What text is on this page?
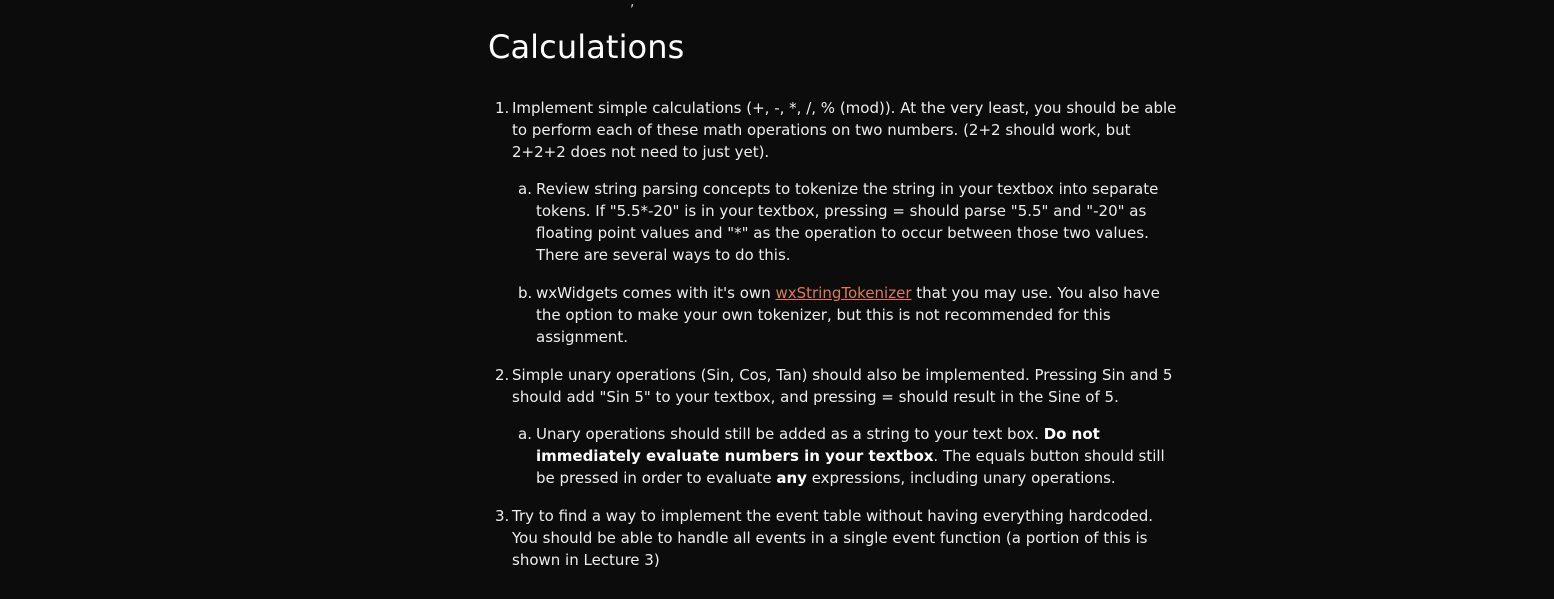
,
Calculations
1. Implement simple calculations (+, -, *, /, % (mod)). At the very least, you should be able to perform each of these math operations on two numbers. (2+2 should work, but 2+2+2 does not need to just yet).
a. Review string parsing concepts to tokenize the string in your textbox into separate tokens. If "5.5*-20" is in your textbox, pressing = should parse "5.5" and "-20" as floating point values and "*" as the operation to occur between those two values. There are several ways to do this.
b. wxWidgets comes with it's own wxStringTokenizer that you may use. You also have the option to make your own tokenizer, but this is not recommended for this assignment.
2. Simple unary operations (Sin, Cos, Tan) should also be implemented. Pressing Sin and 5 should add "Sin 5" to your textbox, and pressing = should result in the Sine of 5.
a. Unary operations should still be added as a string to your text box. Do not immediately evaluate numbers in your textbox. The equals button should still be pressed in order to evaluate any expressions, including unary operations.
3. Try to find a way to implement the event table without having everything hardcoded. You should be able to handle all events in a single event function (a portion of this is shown in Lecture 3)
